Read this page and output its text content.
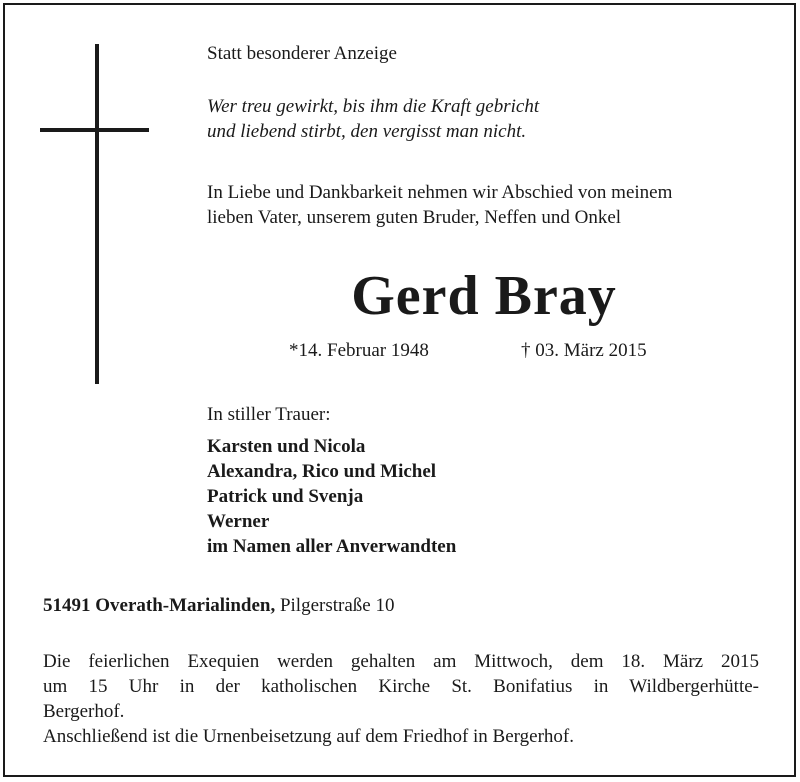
Statt besonderer Anzeige

Wer treu gewirkt, bis ihm die Kraft gebricht

und liebend stirbt, den vergisst man nicht.

In Liebe und Dankbarkeit nehmen wir Abschied von meinem

lieben Vater, unserem guten Bruder, Neffen und Onkel

Gerd Bray

*14. Februar 1948	† 03. März 2015

In stiller Trauer:

Karsten und Nicola

Alexandra, Rico und Michel

Patrick und Svenja

Werner

im Namen aller Anverwandten

51491 Overath-Marialinden, Pilgerstraße 10

Die feierlichen Exequien werden gehalten am Mittwoch, dem 18. März 2015

um 15 Uhr in der katholischen Kirche St. Bonifatius in Wildbergerhütte-

Bergerhof.

Anschließend ist die Urnenbeisetzung auf dem Friedhof in Bergerhof.
